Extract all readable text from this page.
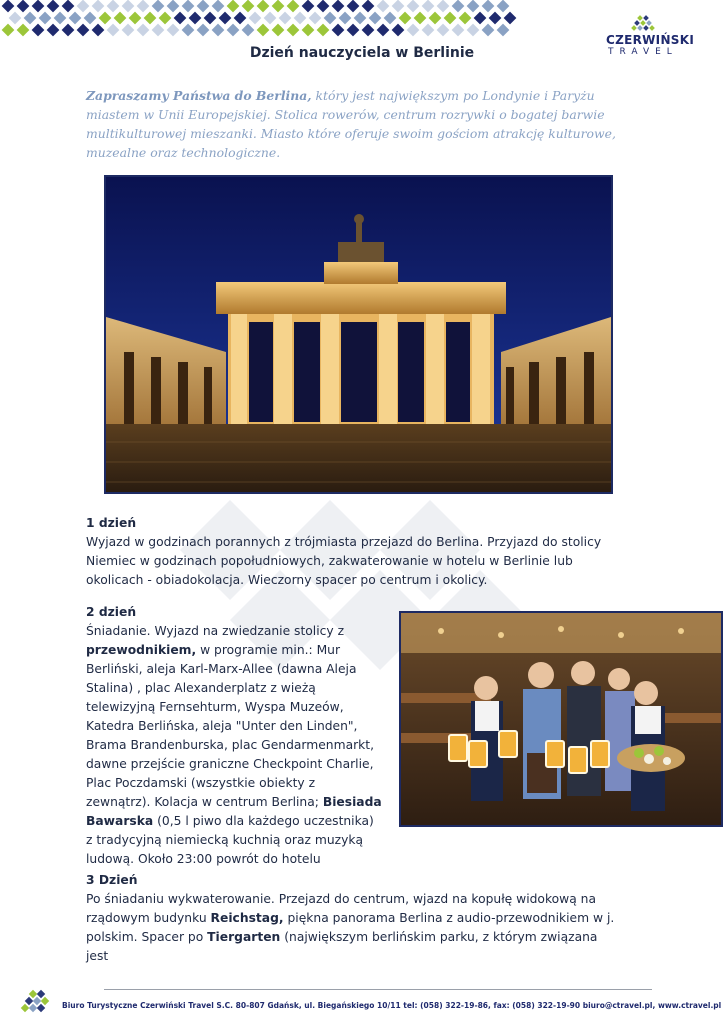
CZERWIŃSKI
TRAVEL
Dzień nauczyciela w Berlinie
Zapraszamy Państwa do Berlina, który jest największym po Londynie i Paryżu miastem w Unii Europejskiej. Stolica rowerów, centrum rozrywki o bogatej barwie multikulturowej mieszanki. Miasto które oferuje swoim gościom atrakcję kulturowe, muzealne oraz technologiczne.
1 dzień
Wyjazd w godzinach porannych z trójmiasta przejazd do Berlina. Przyjazd do stolicy Niemiec w godzinach popołudniowych, zakwaterowanie w hotelu w Berlinie lub okolicach - obiadokolacja. Wieczorny spacer po centrum i okolicy.
2 dzień
Śniadanie. Wyjazd na zwiedzanie stolicy z przewodnikiem, w programie min.: Mur Berliński, aleja Karl-Marx-Allee (dawna Aleja Stalina) , plac Alexanderplatz z wieżą telewizyjną Fernsehturm, Wyspa Muzeów, Katedra Berlińska, aleja "Unter den Linden", Brama Brandenburska, plac Gendarmenmarkt, dawne przejście graniczne Checkpoint Charlie, Plac Poczdamski (wszystkie obiekty z zewnątrz). Kolacja w centrum Berlina; Biesiada Bawarska (0,5 l piwo dla każdego uczestnika) z tradycyjną niemiecką kuchnią oraz muzyką ludową. Około 23:00 powrót do hotelu
3 Dzień
Po śniadaniu wykwaterowanie. Przejazd do centrum, wjazd na kopułę widokową na rządowym budynku Reichstag, piękna panorama Berlina z audio-przewodnikiem w j. polskim. Spacer po Tiergarten (największym berlińskim parku, z którym związana jest
Biuro Turystyczne Czerwiński Travel S.C. 80-807 Gdańsk, ul. Biegańskiego 10/11 tel: (058) 322-19-86, fax: (058) 322-19-90 biuro@ctravel.pl, www.ctravel.pl
